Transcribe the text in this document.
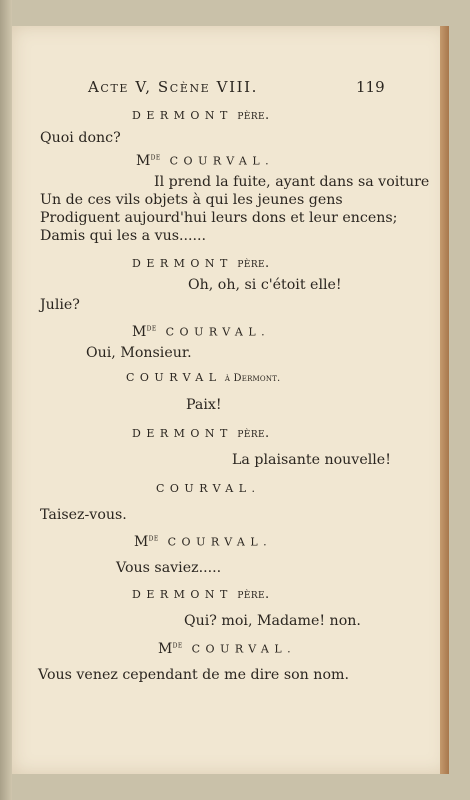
Acte V, Scène VIII.	119
DERMONT père.
Quoi donc?
Mde COURVAL.
Il prend la fuite, ayant dans sa voiture
Un de ces vils objets à qui les jeunes gens
Prodiguent aujourd'hui leurs dons et leur encens;
Damis qui les a vus......
DERMONT père.
Oh, oh, si c'étoit elle!
Julie?
Mde COURVAL.
Oui, Monsieur.
COURVAL à Dermont.
Paix!
DERMONT père.
La plaisante nouvelle!
COURVAL.
Taisez-vous.
Mde COURVAL.
Vous saviez.....
DERMONT père.
Qui? moi, Madame! non.
Mde COURVAL.
Vous venez cependant de me dire son nom.
